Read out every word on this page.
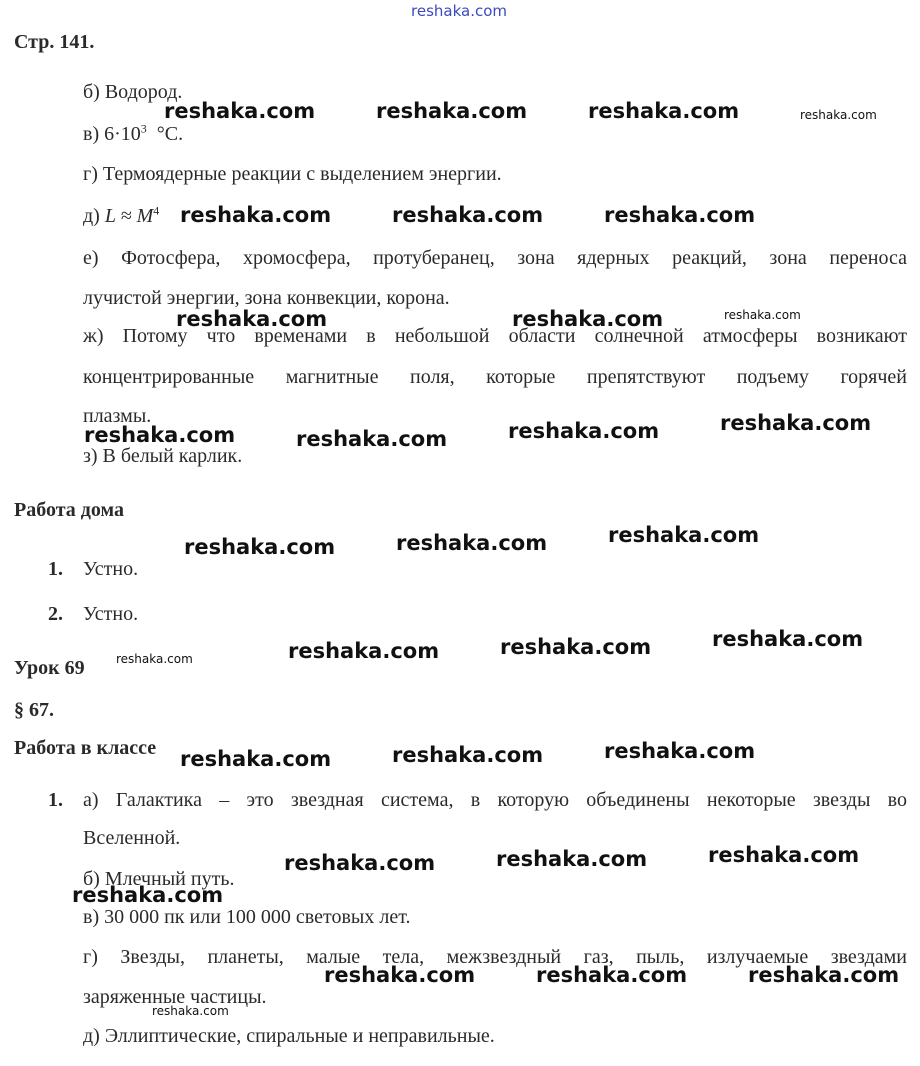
reshaka.com
Стр. 141.
б) Водород.
в) $6\cdot 10^3$ °С.
г) Термоядерные реакции с выделением энергии.
д) $L \approx M^4$
е) Фотосфера, хромосфера, протуберанец, зона ядерных реакций, зона переноса
лучистой энергии, зона конвекции, корона.
ж) Потому что временами в небольшой области солнечной атмосферы возникают
концентрированные магнитные поля, которые препятствуют подъему горячей
плазмы.
з) В белый карлик.
Работа дома
1. Устно.
2. Устно.
Урок 69
§ 67.
Работа в классе
1. а) Галактика – это звездная система, в которую объединены некоторые звезды во
Вселенной.
б) Млечный путь.
в) 30 000 пк или 100 000 световых лет.
г) Звезды, планеты, малые тела, межзвездный газ, пыль, излучаемые звездами
заряженные частицы.
д) Эллиптические, спиральные и неправильные.
reshaka.com	reshaka.com	reshaka.com
reshaka.com	reshaka.com	reshaka.com
reshaka.com	reshaka.com
reshaka.com	reshaka.com	reshaka.com	reshaka.com
reshaka.com	reshaka.com	reshaka.com
reshaka.com	reshaka.com	reshaka.com
reshaka.com	reshaka.com	reshaka.com
reshaka.com	reshaka.com	reshaka.com
reshaka.com
reshaka.com	reshaka.com	reshaka.com
reshaka.com
reshaka.com
reshaka.com
reshaka.com
